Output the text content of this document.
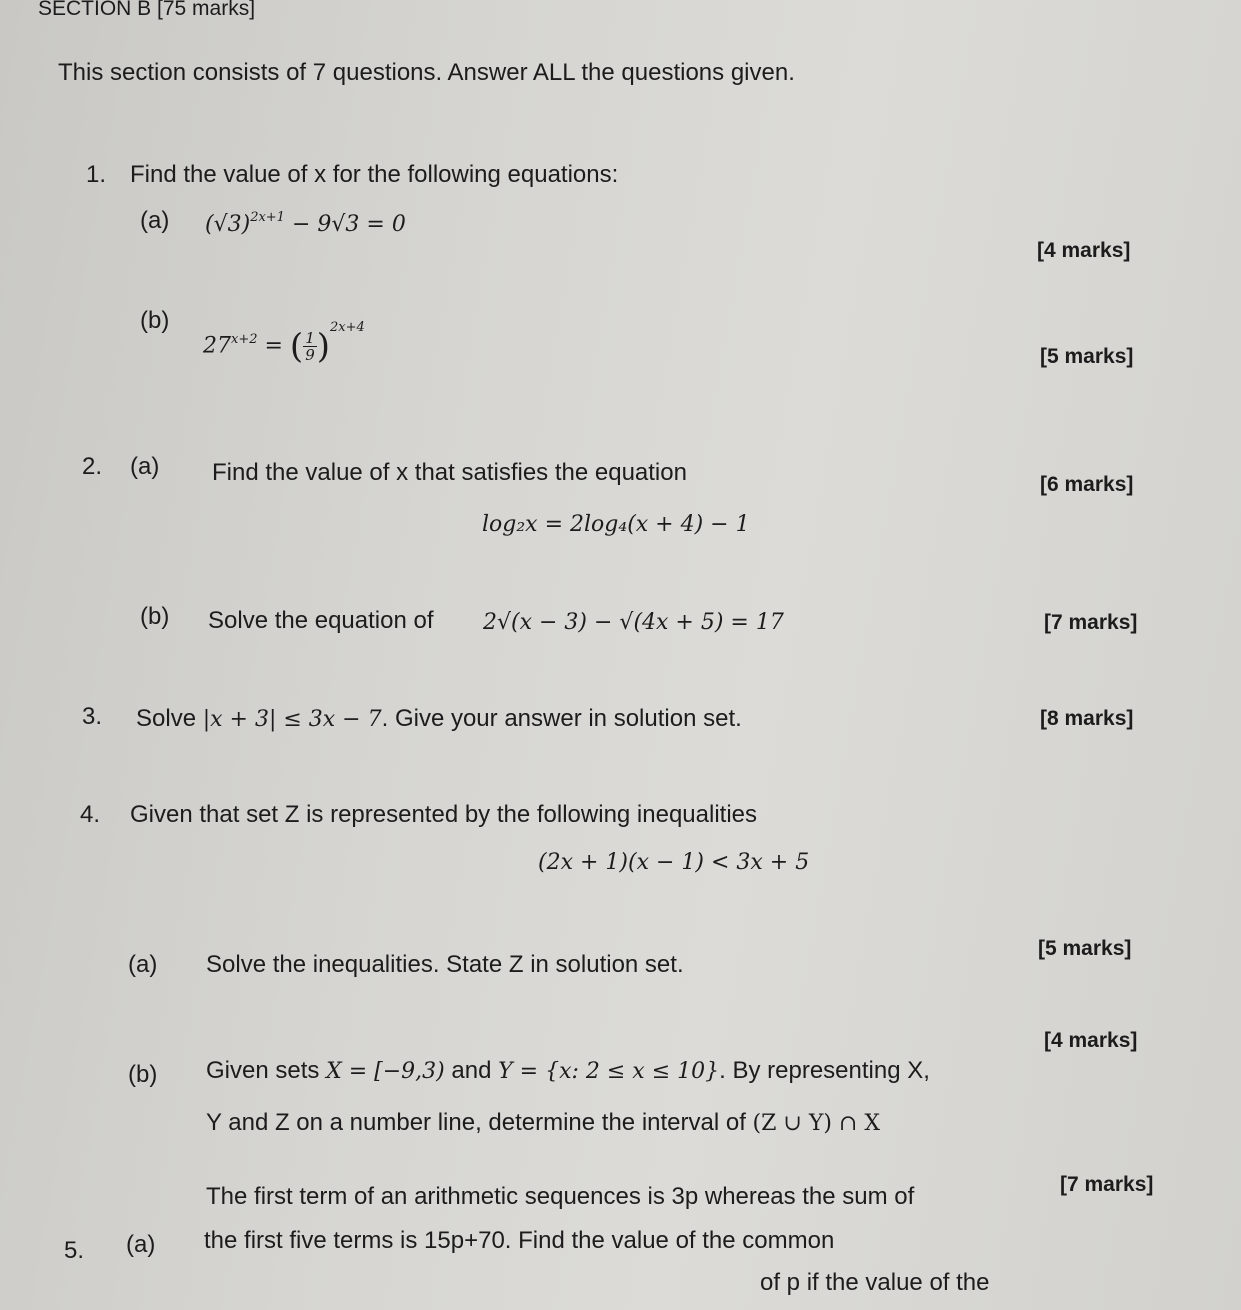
SECTION B [75 marks]
This section consists of 7 questions. Answer ALL the questions given.
1. Find the value of x for the following equations:
(a) $(√3)^{2x+1} - 9√3 = 0$
[4 marks]
(b)
$27^{x+2}$ = ( $\frac{1}{9} )^{2x+4}$
[5 marks]
2. (a) Find the value of x that satisfies the equation	[6 marks]
log₂x = 2log₄(x + 4) − 1
(b) Solve the equation of 2√(x − 3) − √(4x + 5) = 17	[7 marks]
3. Solve |x + 3| ≤ 3x − 7. Give your answer in solution set.	[8 marks]
4. Given that set Z is represented by the following inequalities
(2x + 1)(x − 1) < 3x + 5
(a) Solve the inequalities. State Z in solution set.
[5 marks]
(b) Given sets X = [−9,3) and Y = {x: 2 ≤ x ≤ 10}. By representing X,
[4 marks]
Y and Z on a number line, determine the interval of (Z ∪ Y) ∩ X
5. (a)
The first term of an arithmetic sequences is 3p whereas the sum of	[7 marks]
the first five terms is 15p+70. Find the value of the common
of p if the value of the
